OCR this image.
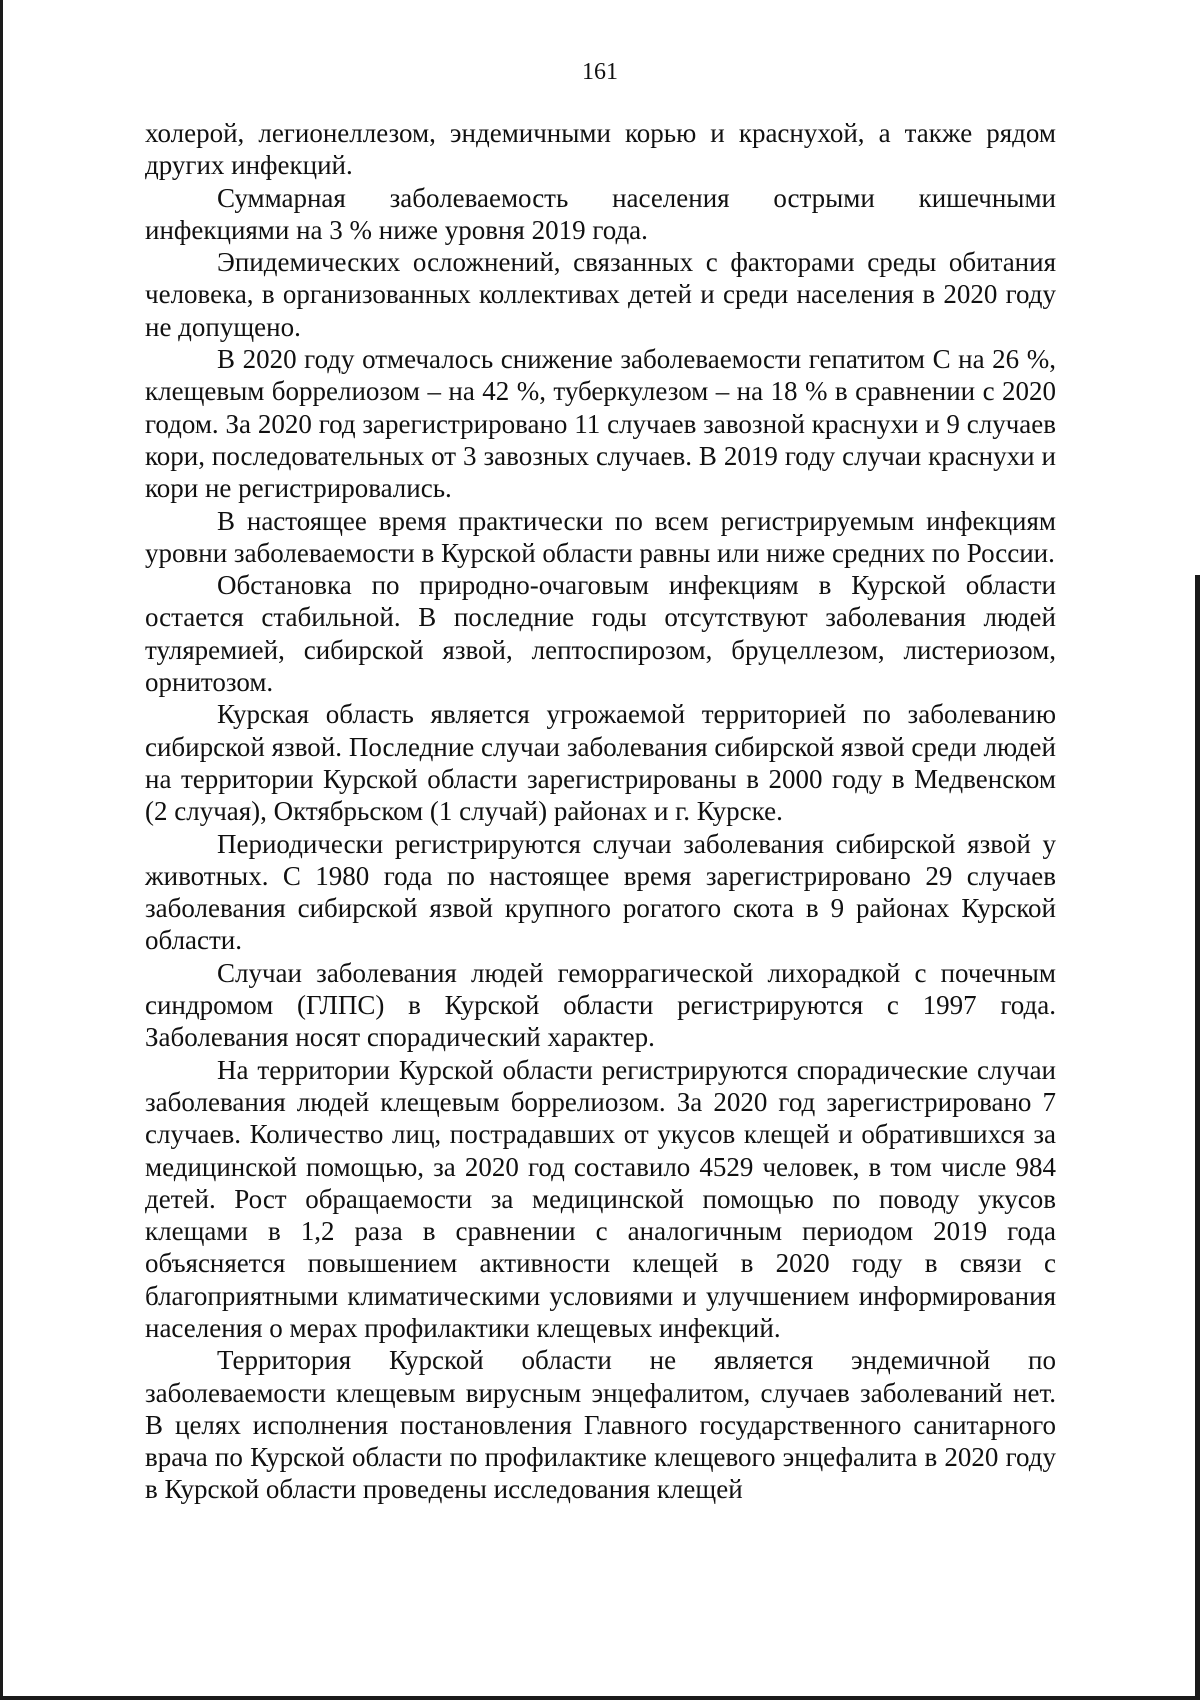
161

холерой, легионеллезом, эндемичными корью и краснухой, а также рядом других инфекций.

Суммарная заболеваемость населения острыми кишечными инфекциями на 3 % ниже уровня 2019 года.

Эпидемических осложнений, связанных с факторами среды обитания человека, в организованных коллективах детей и среди населения в 2020 году не допущено.

В 2020 году отмечалось снижение заболеваемости гепатитом С на 26 %, клещевым боррелиозом – на 42 %, туберкулезом – на 18 % в сравнении с 2020 годом. За 2020 год зарегистрировано 11 случаев завозной краснухи и 9 случаев кори, последовательных от 3 завозных случаев. В 2019 году случаи краснухи и кори не регистрировались.

В настоящее время практически по всем регистрируемым инфекциям уровни заболеваемости в Курской области равны или ниже средних по России.

Обстановка по природно-очаговым инфекциям в Курской области остается стабильной. В последние годы отсутствуют заболевания людей туляремией, сибирской язвой, лептоспирозом, бруцеллезом, листериозом, орнитозом.

Курская область является угрожаемой территорией по заболеванию сибирской язвой. Последние случаи заболевания сибирской язвой среди людей на территории Курской области зарегистрированы в 2000 году в Медвенском (2 случая), Октябрьском (1 случай) районах и г. Курске.

Периодически регистрируются случаи заболевания сибирской язвой у животных. С 1980 года по настоящее время зарегистрировано 29 случаев заболевания сибирской язвой крупного рогатого скота в 9 районах Курской области.

Случаи заболевания людей геморрагической лихорадкой с почечным синдромом (ГЛПС) в Курской области регистрируются с 1997 года. Заболевания носят спорадический характер.

На территории Курской области регистрируются спорадические случаи заболевания людей клещевым боррелиозом. За 2020 год зарегистрировано 7 случаев. Количество лиц, пострадавших от укусов клещей и обратившихся за медицинской помощью, за 2020 год составило 4529 человек, в том числе 984 детей. Рост обращаемости за медицинской помощью по поводу укусов клещами в 1,2 раза в сравнении с аналогичным периодом 2019 года объясняется повышением активности клещей в 2020 году в связи с благоприятными климатическими условиями и улучшением информирования населения о мерах профилактики клещевых инфекций.

Территория Курской области не является эндемичной по заболеваемости клещевым вирусным энцефалитом, случаев заболеваний нет. В целях исполнения постановления Главного государственного санитарного врача по Курской области по профилактике клещевого энцефалита в 2020 году в Курской области проведены исследования клещей
